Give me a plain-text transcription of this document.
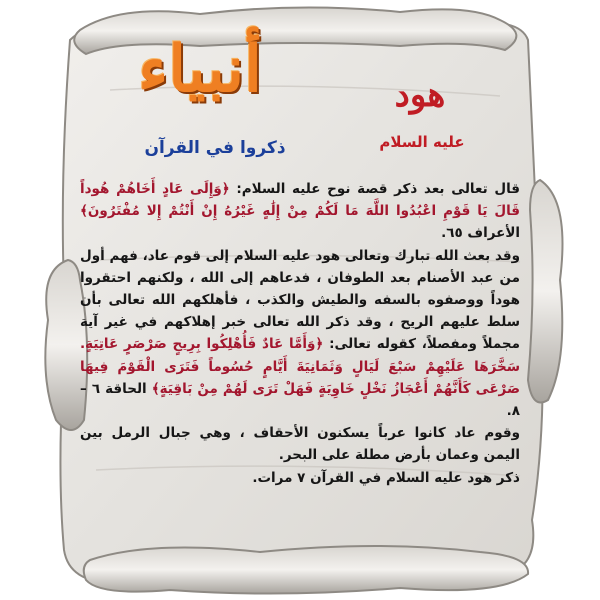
أنبياء
ذكروا في القرآن
هود
عليه السلام

قال تعالى بعد ذكر قصة نوح عليه السلام: ﴿وَإِلَى عَادٍ أَخَاهُمْ هُوداً قَالَ يَا قَوْمِ اعْبُدُوا اللَّهَ مَا لَكُمْ مِنْ إِلَٰهٍ غَيْرُهُ إِنْ أَنْتُمْ إِلا مُفْتَرُونَ﴾ الأعراف ٦٥.

وقد بعث الله تبارك وتعالى هود عليه السلام إلى قوم عاد، فهم أول من عبد الأصنام بعد الطوفان ، فدعاهم إلى الله ، ولكنهم احتقروا هوداً ووصفوه بالسفه والطيش والكذب ، فأهلكهم الله تعالى بأن سلط عليهم الريح ، وقد ذكر الله تعالى خبر إهلاكهم في غير آية مجملاً ومفصلاً، كقوله تعالى: ﴿وَأَمَّا عَادٌ فَأُهْلِكُوا بِرِيحٍ صَرْصَرٍ عَاتِيَةٍ. سَخَّرَهَا عَلَيْهِمْ سَبْعَ لَيَالٍ وَثَمَانِيَةَ أَيَّامٍ حُسُوماً فَتَرَى الْقَوْمَ فِيهَا صَرْعَى كَأَنَّهُمْ أَعْجَازُ نَخْلٍ خَاوِيَةٍ فَهَلْ تَرَى لَهُمْ مِنْ بَاقِيَةٍ﴾ الحاقة ٦ – ٨.

وقوم عاد كانوا عرباً يسكنون الأحقاف ، وهي جبال الرمل بين اليمن وعمان بأرض مطلة على البحر.

ذكر هود عليه السلام في القرآن ٧ مرات.
